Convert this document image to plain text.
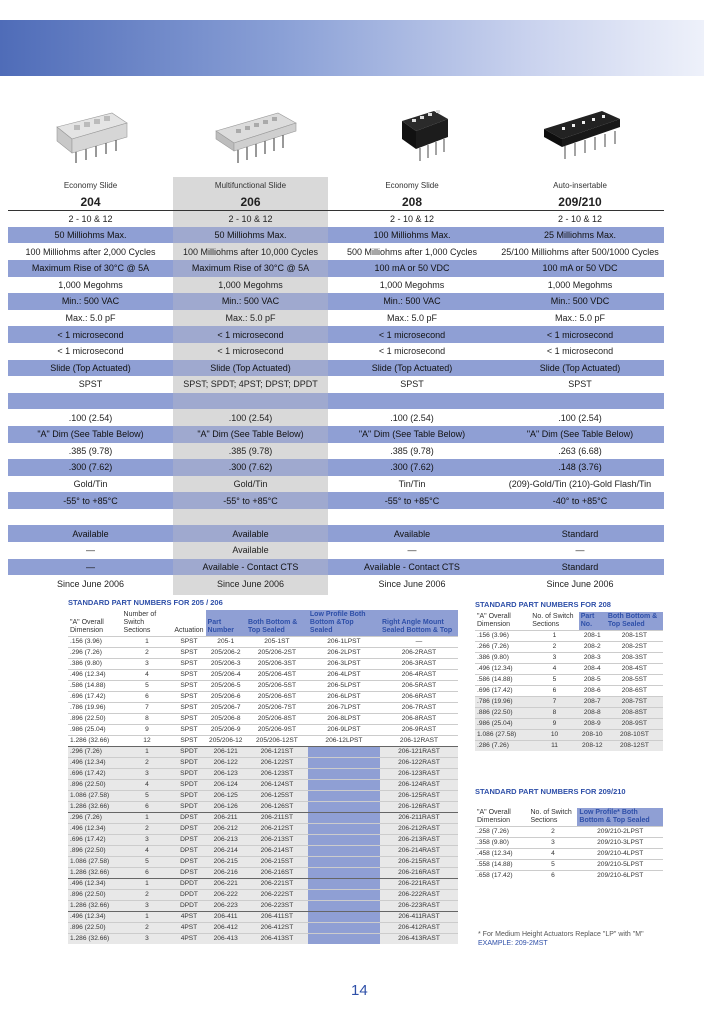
Economy Slide	Multifunctional Slide	Economy Slide	Auto-insertable
204	206	208	209/210
2 - 10 & 12	2 - 10 & 12	2 - 10 & 12	2 - 10 & 12
50 Milliohms Max.	50 Milliohms Max.	100 Milliohms Max.	25 Milliohms Max.
100 Milliohms after 2,000 Cycles	100 Milliohms after 10,000 Cycles	500 Milliohms after 1,000 Cycles	25/100 Milliohms after 500/1000 Cycles
Maximum Rise of 30°C @ 5A	Maximum Rise of 30°C @ 5A	100 mA or 50 VDC	100 mA or 50 VDC
1,000 Megohms	1,000 Megohms	1,000 Megohms	1,000 Megohms
Min.: 500 VAC	Min.: 500 VAC	Min.: 500 VAC	Min.: 500 VDC
Max.: 5.0 pF	Max.: 5.0 pF	Max.: 5.0 pF	Max.: 5.0 pF
< 1 microsecond	< 1 microsecond	< 1 microsecond	< 1 microsecond
< 1 microsecond	< 1 microsecond	< 1 microsecond	< 1 microsecond
Slide (Top Actuated)	Slide (Top Actuated)	Slide (Top Actuated)	Slide (Top Actuated)
SPST	SPST; SPDT; 4PST; DPST; DPDT	SPST	SPST

.100 (2.54)	.100 (2.54)	.100 (2.54)	.100 (2.54)
"A" Dim (See Table Below)	"A" Dim (See Table Below)	"A" Dim (See Table Below)	"A" Dim (See Table Below)
.385 (9.78)	.385 (9.78)	.385 (9.78)	.263 (6.68)
.300 (7.62)	.300 (7.62)	.300 (7.62)	.148 (3.76)
Gold/Tin	Gold/Tin	Tin/Tin	(209)-Gold/Tin (210)-Gold Flash/Tin
-55° to +85°C	-55° to +85°C	-55° to +85°C	-40° to +85°C

Available	Available	Available	Standard
—	Available	—	—
—	Available - Contact CTS	Available - Contact CTS	Standard
Since June 2006	Since June 2006	Since June 2006	Since June 2006
STANDARD PART NUMBERS FOR 205 / 206
"A" Overall Dimension	Number of Switch Sections	Actuation	Part Number	Both Bottom & Top Sealed	Low Profile Both Bottom &Top Sealed	Right Angle Mount Sealed Bottom & Top
.156 (3.96)	1	SPST	205-1	205-1ST	206-1LPST	—
.296 (7.26)	2	SPST	205/206-2	205/206-2ST	206-2LPST	206-2RAST
.386 (9.80)	3	SPST	205/206-3	205/206-3ST	206-3LPST	206-3RAST
.496 (12.34)	4	SPST	205/206-4	205/206-4ST	206-4LPST	206-4RAST
.586 (14.88)	5	SPST	205/206-5	205/206-5ST	206-5LPST	206-5RAST
.696 (17.42)	6	SPST	205/206-6	205/206-6ST	206-6LPST	206-6RAST
.786 (19.96)	7	SPST	205/206-7	205/206-7ST	206-7LPST	206-7RAST
.896 (22.50)	8	SPST	205/206-8	205/206-8ST	206-8LPST	206-8RAST
.986 (25.04)	9	SPST	205/206-9	205/206-9ST	206-9LPST	206-9RAST
1.286 (32.66)	12	SPST	205/206-12	205/206-12ST	206-12LPST	206-12RAST
.296 (7.26)	1	SPDT	206-121	206-121ST		206-121RAST
.496 (12.34)	2	SPDT	206-122	206-122ST		206-122RAST
.696 (17.42)	3	SPDT	206-123	206-123ST		206-123RAST
.896 (22.50)	4	SPDT	206-124	206-124ST		206-124RAST
1.086 (27.58)	5	SPDT	206-125	206-125ST		206-125RAST
1.286 (32.66)	6	SPDT	206-126	206-126ST		206-126RAST
.296 (7.26)	1	DPST	206-211	206-211ST		206-211RAST
.496 (12.34)	2	DPST	206-212	206-212ST		206-212RAST
.696 (17.42)	3	DPST	206-213	206-213ST		206-213RAST
.896 (22.50)	4	DPST	206-214	206-214ST		206-214RAST
1.086 (27.58)	5	DPST	206-215	206-215ST		206-215RAST
1.286 (32.66)	6	DPST	206-216	206-216ST		206-216RAST
.496 (12.34)	1	DPDT	206-221	206-221ST		206-221RAST
.896 (22.50)	2	DPDT	206-222	206-222ST		206-222RAST
1.286 (32.66)	3	DPDT	206-223	206-223ST		206-223RAST
.496 (12.34)	1	4PST	206-411	206-411ST		206-411RAST
.896 (22.50)	2	4PST	206-412	206-412ST		206-412RAST
1.286 (32.66)	3	4PST	206-413	206-413ST		206-413RAST
STANDARD PART NUMBERS FOR 208
"A" Overall Dimension	No. of Switch Sections	Part No.	Both Bottom & Top Sealed
.156 (3.96)	1	208-1	208-1ST
.266 (7.26)	2	208-2	208-2ST
.386 (9.80)	3	208-3	208-3ST
.496 (12.34)	4	208-4	208-4ST
.586 (14.88)	5	208-5	208-5ST
.696 (17.42)	6	208-6	208-6ST
.786 (19.96)	7	208-7	208-7ST
.886 (22.50)	8	208-8	208-8ST
.986 (25.04)	9	208-9	208-9ST
1.086 (27.58)	10	208-10	208-10ST
.286 (7.26)	11	208-12	208-12ST
STANDARD PART NUMBERS FOR 209/210
"A" Overall Dimension	No. of Switch Sections	Low Profile* Both Bottom & Top Sealed
.258 (7.26)	2	209/210-2LPST
.358 (9.80)	3	209/210-3LPST
.458 (12.34)	4	209/210-4LPST
.558 (14.88)	5	209/210-5LPST
.658 (17.42)	6	209/210-6LPST
* For Medium Height Actuators Replace "LP" with "M"
EXAMPLE: 209-2MST
14
